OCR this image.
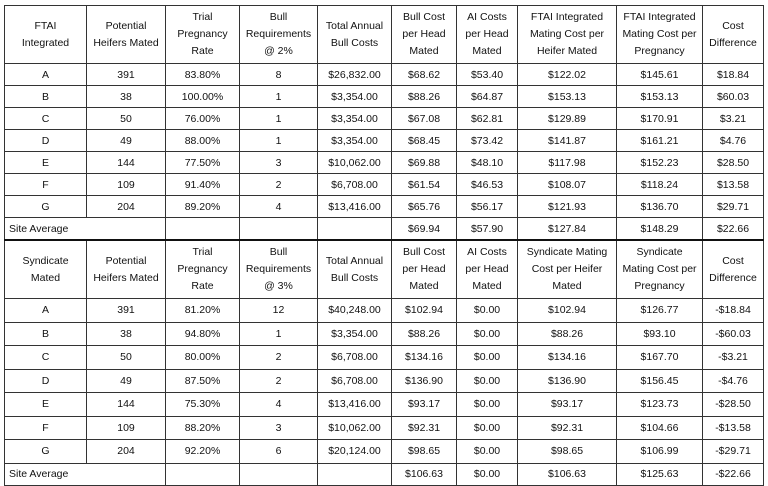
FTAI
Integrated	Potential
Heifers Mated	Trial
Pregnancy
Rate	Bull
Requirements
@ 2%	Total Annual
Bull Costs	Bull Cost
per Head
Mated	AI Costs
per Head
Mated	FTAI Integrated
Mating Cost per
Heifer Mated	FTAI Integrated
Mating Cost per
Pregnancy	Cost
Difference

A	391	83.80%	8	$26,832.00	$68.62	$53.40	$122.02	$145.61	$18.84
B	38	100.00%	1	$3,354.00	$88.26	$64.87	$153.13	$153.13	$60.03
C	50	76.00%	1	$3,354.00	$67.08	$62.81	$129.89	$170.91	$3.21
D	49	88.00%	1	$3,354.00	$68.45	$73.42	$141.87	$161.21	$4.76
E	144	77.50%	3	$10,062.00	$69.88	$48.10	$117.98	$152.23	$28.50
F	109	91.40%	2	$6,708.00	$61.54	$46.53	$108.07	$118.24	$13.58
G	204	89.20%	4	$13,416.00	$65.76	$56.17	$121.93	$136.70	$29.71
Site Average					$69.94	$57.90	$127.84	$148.29	$22.66

Syndicate
Mated	Potential
Heifers Mated	Trial
Pregnancy
Rate	Bull
Requirements
@ 3%	Total Annual
Bull Costs	Bull Cost
per Head
Mated	AI Costs
per Head
Mated	Syndicate Mating
Cost per Heifer
Mated	Syndicate
Mating Cost per
Pregnancy	Cost
Difference

A	391	81.20%	12	$40,248.00	$102.94	$0.00	$102.94	$126.77	-$18.84
B	38	94.80%	1	$3,354.00	$88.26	$0.00	$88.26	$93.10	-$60.03
C	50	80.00%	2	$6,708.00	$134.16	$0.00	$134.16	$167.70	-$3.21
D	49	87.50%	2	$6,708.00	$136.90	$0.00	$136.90	$156.45	-$4.76
E	144	75.30%	4	$13,416.00	$93.17	$0.00	$93.17	$123.73	-$28.50
F	109	88.20%	3	$10,062.00	$92.31	$0.00	$92.31	$104.66	-$13.58
G	204	92.20%	6	$20,124.00	$98.65	$0.00	$98.65	$106.99	-$29.71
Site Average					$106.63	$0.00	$106.63	$125.63	-$22.66
